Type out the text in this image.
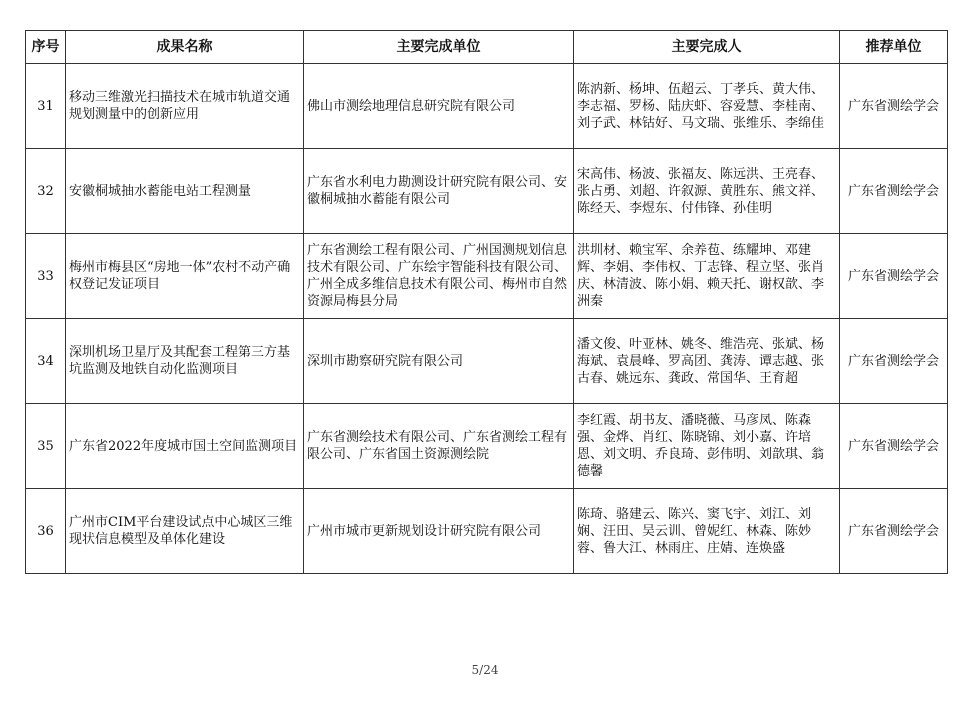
序号	成果名称	主要完成单位	主要完成人	推荐单位
31	移动三维激光扫描技术在城市轨道交通规划测量中的创新应用	佛山市测绘地理信息研究院有限公司	陈汭新、杨坤、伍超云、丁孝兵、黄大伟、李志福、罗杨、陆庆虾、容爱慧、李桂南、刘子武、林钴好、马文瑞、张维乐、李绵佳	广东省测绘学会
32	安徽桐城抽水蓄能电站工程测量	广东省水利电力勘测设计研究院有限公司、安徽桐城抽水蓄能有限公司	宋高伟、杨波、张福友、陈远洪、王亮春、张占勇、刘超、许叙源、黄胜东、熊文祥、陈经天、李煜东、付伟锋、孙佳明	广东省测绘学会
33	梅州市梅县区“房地一体”农村不动产确权登记发证项目	广东省测绘工程有限公司、广州国测规划信息技术有限公司、广东绘宇智能科技有限公司、广州全成多维信息技术有限公司、梅州市自然资源局梅县分局	洪圳材、赖宝军、余养苞、练耀坤、邓建辉、李娟、李伟权、丁志锋、程立坚、张肖庆、林清波、陈小娟、赖天托、谢权歆、李洲秦	广东省测绘学会
34	深圳机场卫星厅及其配套工程第三方基坑监测及地铁自动化监测项目	深圳市勘察研究院有限公司	潘文俊、叶亚林、姚冬、维浩亮、张斌、杨海斌、袁晨峰、罗高团、龚涛、谭志越、张古春、姚远东、龚政、常国华、王育超	广东省测绘学会
35	广东省2022年度城市国土空间监测项目	广东省测绘技术有限公司、广东省测绘工程有限公司、广东省国土资源测绘院	李红霞、胡书友、潘晓薇、马彦凤、陈森强、金烨、肖红、陈晓锦、刘小嘉、许培恩、刘文明、乔良琦、彭伟明、刘歆琪、翁德馨	广东省测绘学会
36	广州市CIM平台建设试点中心城区三维现状信息模型及单体化建设	广州市城市更新规划设计研究院有限公司	陈琦、骆建云、陈兴、窦飞宇、刘江、刘娴、汪田、吴云训、曾妮红、林森、陈妙蓉、鲁大江、林雨庄、庄婧、连焕盛	广东省测绘学会
5/24
